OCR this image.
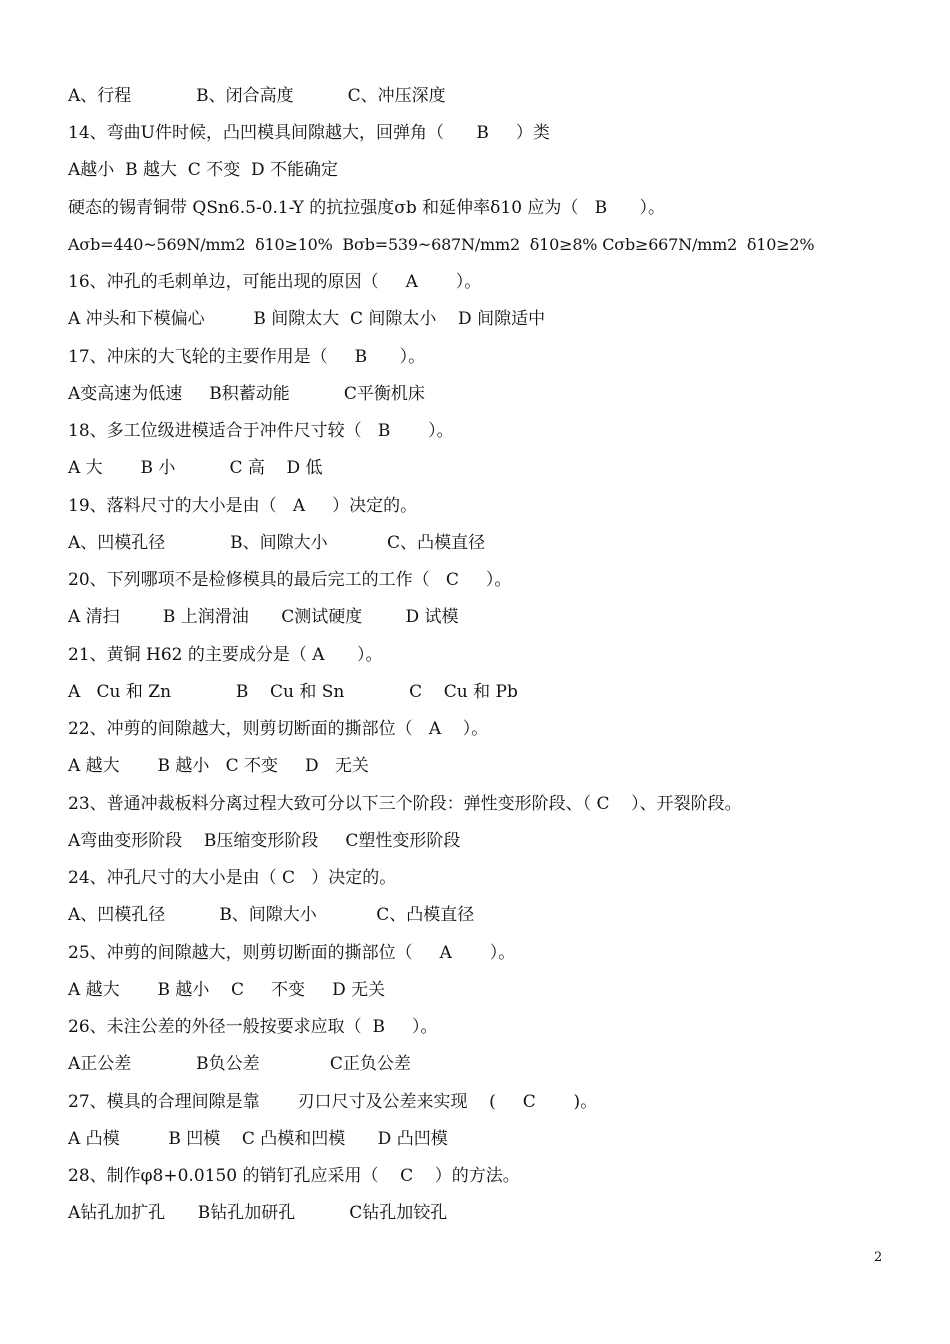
A、行程            B、闭合高度          C、冲压深度
14、弯曲U件时候，凸凹模具间隙越大，回弹角（      B     ）类
A越小  B 越大  C 不变  D 不能确定
硬态的锡青铜带 QSn6.5-0.1-Y 的抗拉强度σb 和延伸率δ10 应为（   B      ）。
Aσb=440~569N/mm2  δ10≥10%  Bσb=539~687N/mm2  δ10≥8% Cσb≥667N/mm2  δ10≥2%
16、冲孔的毛刺单边，可能出现的原因（     A       ）。
A 冲头和下模偏心         B 间隙太大  C 间隙太小    D 间隙适中
17、冲床的大飞轮的主要作用是（     B      ）。
A变高速为低速     B积蓄动能          C平衡机床
18、多工位级进模适合于冲件尺寸较（   B       ）。
A 大       B 小          C 高    D 低
19、落料尺寸的大小是由（   A     ）决定的。
A、凹模孔径            B、间隙大小           C、凸模直径
20、下列哪项不是检修模具的最后完工的工作（   C     ）。
A 清扫        B 上润滑油      C测试硬度        D 试模
21、黄铜 H62 的主要成分是（ A      ）。
A   Cu 和 Zn            B    Cu 和 Sn            C    Cu 和 Pb
22、冲剪的间隙越大，则剪切断面的撕部位（   A    ）。
A 越大       B 越小   C 不变     D   无关
23、普通冲裁板料分离过程大致可分以下三个阶段：弹性变形阶段、（ C    ）、开裂阶段。
A弯曲变形阶段    B压缩变形阶段     C塑性变形阶段
24、冲孔尺寸的大小是由（ C   ）决定的。
A、凹模孔径          B、间隙大小           C、凸模直径
25、冲剪的间隙越大，则剪切断面的撕部位（     A       ）。
A 越大       B 越小    C     不变     D 无关
26、未注公差的外径一般按要求应取（  B     ）。
A正公差            B负公差             C正负公差
27、模具的合理间隙是靠       刃口尺寸及公差来实现    (     C       )。
A 凸模         B 凹模    C 凸模和凹模      D 凸凹模
28、制作φ8+0.0150 的销钉孔应采用（    C    ）的方法。
A钻孔加扩孔      B钻孔加研孔          C钻孔加铰孔
2
